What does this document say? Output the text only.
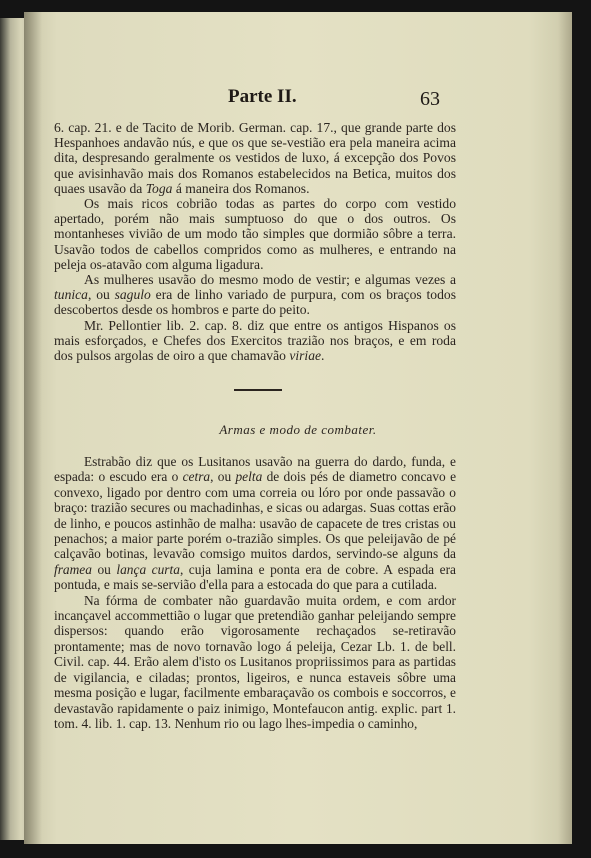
Parte II.	63

6. cap. 21. e de Tacito de Morib. German. cap. 17., que grande parte dos Hespanhoes andavão nús, e que os que se-vestião era pela maneira acima dita, despresando geralmente os vestidos de luxo, á excepção dos Povos que avisinhavão mais dos Romanos estabelecidos na Betica, muitos dos quaes usavão da Toga á maneira dos Romanos.

Os mais ricos cobrião todas as partes do corpo com vestido apertado, porém não mais sumptuoso do que o dos outros. Os montanheses vivião de um modo tão simples que dormião sôbre a terra. Usavão todos de cabellos compridos como as mulheres, e entrando na peleja os-atavão com alguma ligadura.

As mulheres usavão do mesmo modo de vestir; e algumas vezes a tunica, ou sagulo era de linho variado de purpura, com os braços todos descobertos desde os hombros e parte do peito.

Mr. Pellontier lib. 2. cap. 8. diz que entre os antigos Hispanos os mais esforçados, e Chefes dos Exercitos trazião nos braços, e em roda dos pulsos argolas de oiro a que chamavão viriae.

Armas e modo de combater.

Estrabão diz que os Lusitanos usavão na guerra do dardo, funda, e espada: o escudo era o cetra, ou pelta de dois pés de diametro concavo e convexo, ligado por dentro com uma correia ou lóro por onde passavão o braço: trazião secures ou machadinhas, e sicas ou adargas. Suas cottas erão de linho, e poucos astinhão de malha: usavão de capacete de tres cristas ou penachos; a maior parte porém o-trazião simples. Os que peleijavão de pé calçavão botinas, levavão comsigo muitos dardos, servindo-se alguns da framea ou lança curta, cuja lamina e ponta era de cobre. A espada era pontuda, e mais se-servião d'ella para a estocada do que para a cutilada.

Na fórma de combater não guardavão muita ordem, e com ardor incançavel accommettião o lugar que pretendião ganhar peleijando sempre dispersos: quando erão vigorosamente rechaçados se-retiravão prontamente; mas de novo tornavão logo á peleija, Cezar Lb. 1. de bell. Civil. cap. 44. Erão alem d'isto os Lusitanos propriissimos para as partidas de vigilancia, e ciladas; prontos, ligeiros, e nunca estaveis sôbre uma mesma posição e lugar, facilmente embaraçavão os combois e soccorros, e devastavão rapidamente o paiz inimigo, Montefaucon antig. explic. part 1. tom. 4. lib. 1. cap. 13. Nenhum rio ou lago lhes-impedia o caminho,
